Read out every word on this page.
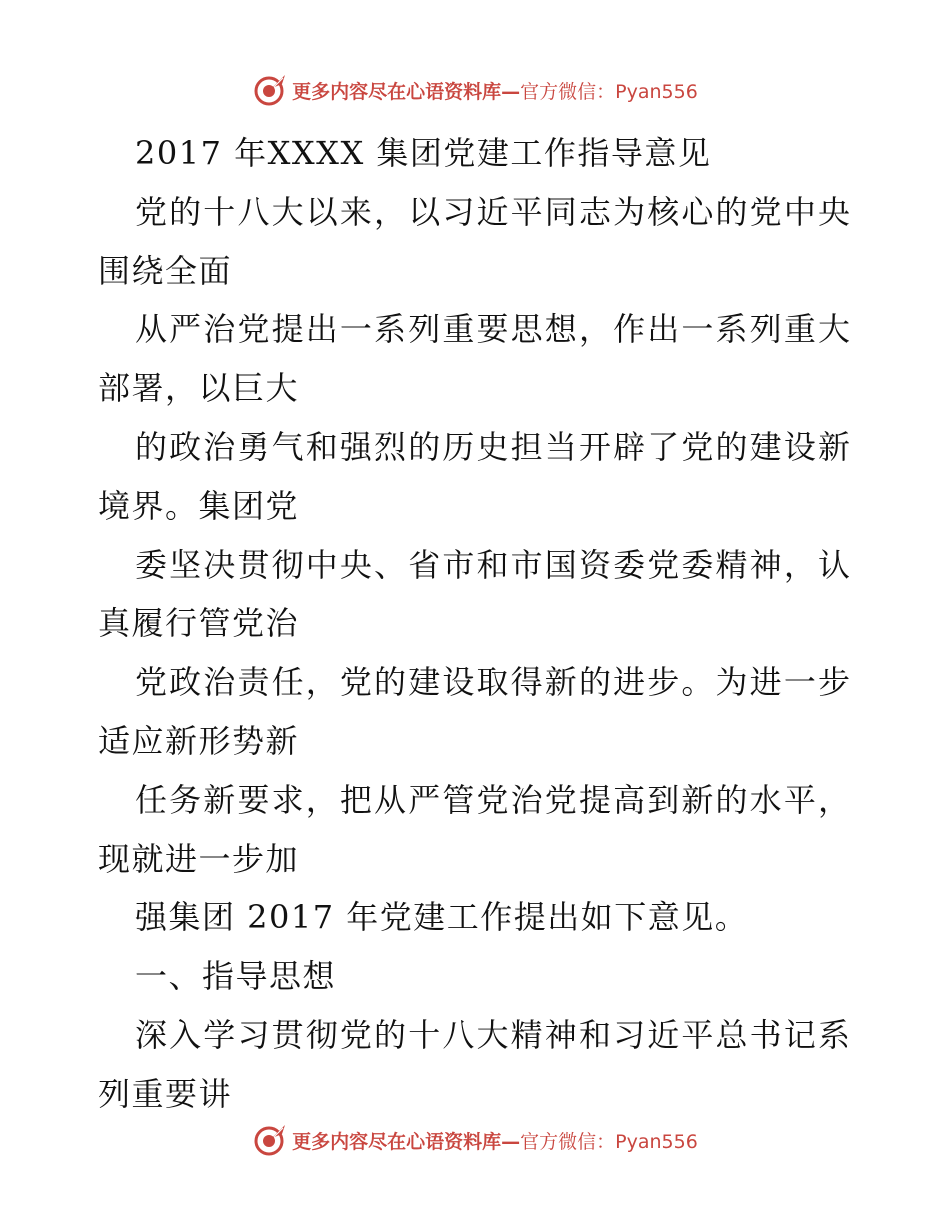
更多内容尽在心语资料库—官方微信：Pyan556
2017 年XXXX 集团党建工作指导意见
党的十八大以来，以习近平同志为核心的党中央
围绕全面
从严治党提出一系列重要思想，作出一系列重大
部署，以巨大
的政治勇气和强烈的历史担当开辟了党的建设新
境界。集团党
委坚决贯彻中央、省市和市国资委党委精神，认
真履行管党治
党政治责任，党的建设取得新的进步。为进一步
适应新形势新
任务新要求，把从严管党治党提高到新的水平，
现就进一步加
强集团 2017 年党建工作提出如下意见。
一、指导思想
深入学习贯彻党的十八大精神和习近平总书记系
列重要讲
更多内容尽在心语资料库—官方微信：Pyan556
